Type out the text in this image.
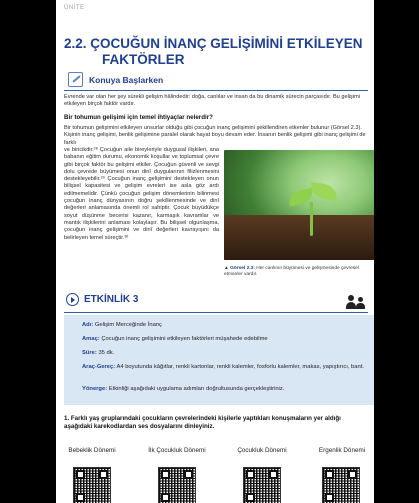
ÜNİTE
2.2. ÇOCUĞUN İNANÇ GELİŞİMİNİ ETKİLEYEN
FAKTÖRLER
Konuya Başlarken
Evrende var olan her şey sürekli gelişim hâlindedir: doğa, canlılar ve insan da bu dinamik sürecin parçasıdır. Bu gelişimi etkileyen birçok faktör vardır.
Bir tohumun gelişimi için temel ihtiyaçlar nelerdir?
Bir tohumun gelişimini etkileyen unsurlar olduğu gibi çocuğun inanç gelişimini şekillendiren etkenler bulunur (Görsel 2.3). Kişinin inanç gelişimi, benlik gelişimine paralel olarak hayat boyu devam eder. İnsanın benlik gelişimi gibi inanç gelişimi de farklı
ve biricikdir.²⁸ Çocuğun aile bireyleriyle duygusal ilişkileri, ana babanın eğitim durumu, ekonomik koşullar ve toplumsal çevre gibi birçok faktör bu gelişimi etkiler. Çocuğun güvenli ve sevgi dolu çevrede büyümesi onun dinî duygularının filizlenmesini destekleyebilir.²⁹ Çocuğun inanç gelişimini destekleyen onun bilişsel kapasitesi ve gelişim evreleri ise asla göz ardı edilmemelidir. Çünkü çocuğun gelişim dönemlerinin bilinmesi çocuğun inanç dünyasının doğru şekillenmesinde ve dinî değerleri anlamasında önemli rol sahiptir. Çocuk büyüdükçe soyut düşünme becerisi kazanır, karmaşık kavramlar ve mantık ilişkilerini anlaması kolaylaşır. Bu bilişsel olgunlaşma, çocuğun inanç gelişimini ve dinî değerleri kavrayışını da belirleyen temel süreçtir.³⁰
▲ Görsel 2.3: Her canlının büyümesi ve gelişmesinde çevresel etmenler vardır.
ETKİNLİK 3
Adı: Gelişim Merceğinde İnanç
Amaç: Çocuğun inanç gelişimini etkileyen faktörleri müşahede edebilme
Süre: 35 dk.
Araç-Gereç: A4 boyutunda kâğıtlar, renkli kartonlar, renkli kalemler, fosforlu kalemler, makas, yapıştırıcı, bant.
Yönerge: Etkinliği aşağıdaki uygulama adımları doğrultusunda gerçekleştiriniz.
1. Farklı yaş gruplarındaki çocukların çevrelerindeki kişilerle yaptıkları konuşmaların yer aldığı aşağıdaki karekodlardan ses dosyalarını dinleyiniz.
Bebeklik Dönemi	İlk Çocukluk Dönemi	Çocukluk Dönemi	Ergenlik Dönemi
